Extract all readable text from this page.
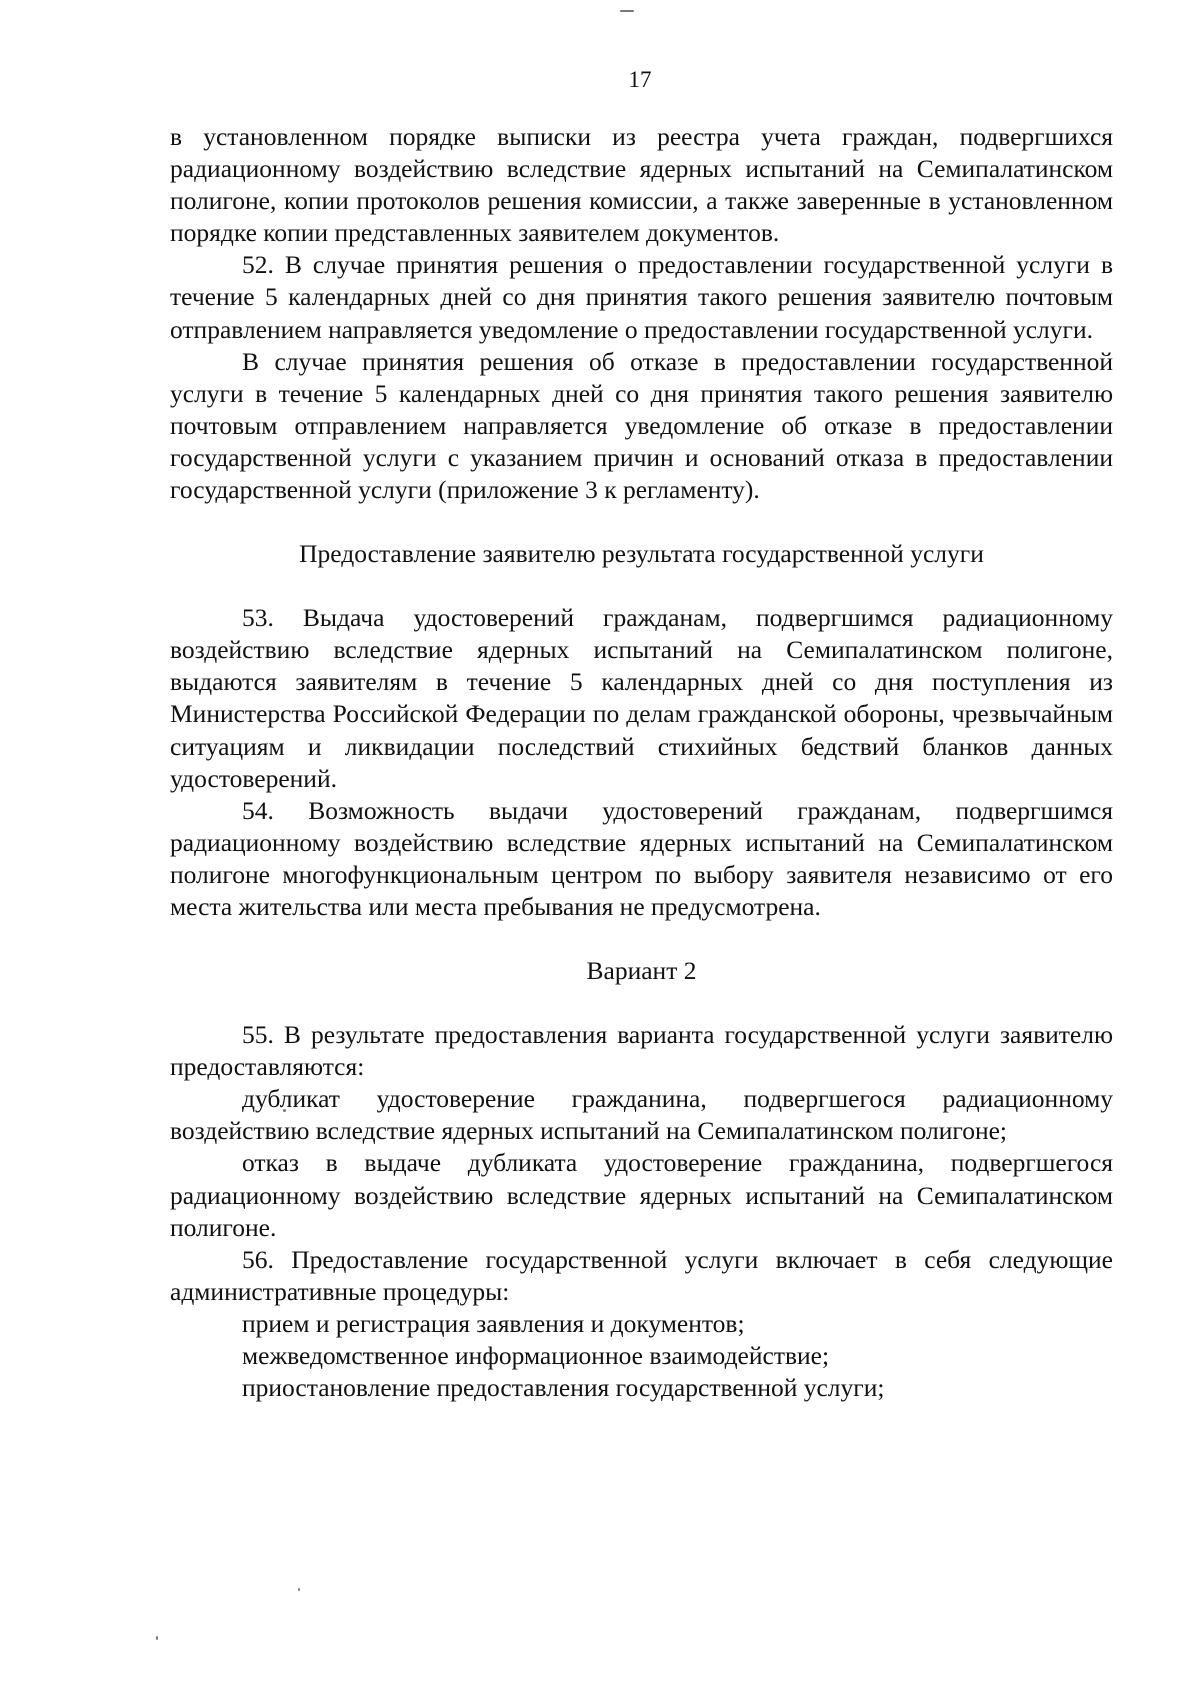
17

в установленном порядке выписки из реестра учета граждан, подвергшихся радиационному воздействию вследствие ядерных испытаний на Семипалатинском полигоне, копии протоколов решения комиссии, а также заверенные в установленном порядке копии представленных заявителем документов.

52. В случае принятия решения о предоставлении государственной услуги в течение 5 календарных дней со дня принятия такого решения заявителю почтовым отправлением направляется уведомление о предоставлении государственной услуги.

В случае принятия решения об отказе в предоставлении государственной услуги в течение 5 календарных дней со дня принятия такого решения заявителю почтовым отправлением направляется уведомление об отказе в предоставлении государственной услуги с указанием причин и оснований отказа в предоставлении государственной услуги (приложение 3 к регламенту).

Предоставление заявителю результата государственной услуги

53. Выдача удостоверений гражданам, подвергшимся радиационному воздействию вследствие ядерных испытаний на Семипалатинском полигоне, выдаются заявителям в течение 5 календарных дней со дня поступления из Министерства Российской Федерации по делам гражданской обороны, чрезвычайным ситуациям и ликвидации последствий стихийных бедствий бланков данных удостоверений.

54. Возможность выдачи удостоверений гражданам, подвергшимся радиационному воздействию вследствие ядерных испытаний на Семипалатинском полигоне многофункциональным центром по выбору заявителя независимо от его места жительства или места пребывания не предусмотрена.

Вариант 2

55. В результате предоставления варианта государственной услуги заявителю предоставляются:

дубликат удостоверение гражданина, подвергшегося радиационному воздействию вследствие ядерных испытаний на Семипалатинском полигоне;

отказ в выдаче дубликата удостоверение гражданина, подвергшегося радиационному воздействию вследствие ядерных испытаний на Семипалатинском полигоне.

56. Предоставление государственной услуги включает в себя следующие административные процедуры:

прием и регистрация заявления и документов;

межведомственное информационное взаимодействие;

приостановление предоставления государственной услуги;
